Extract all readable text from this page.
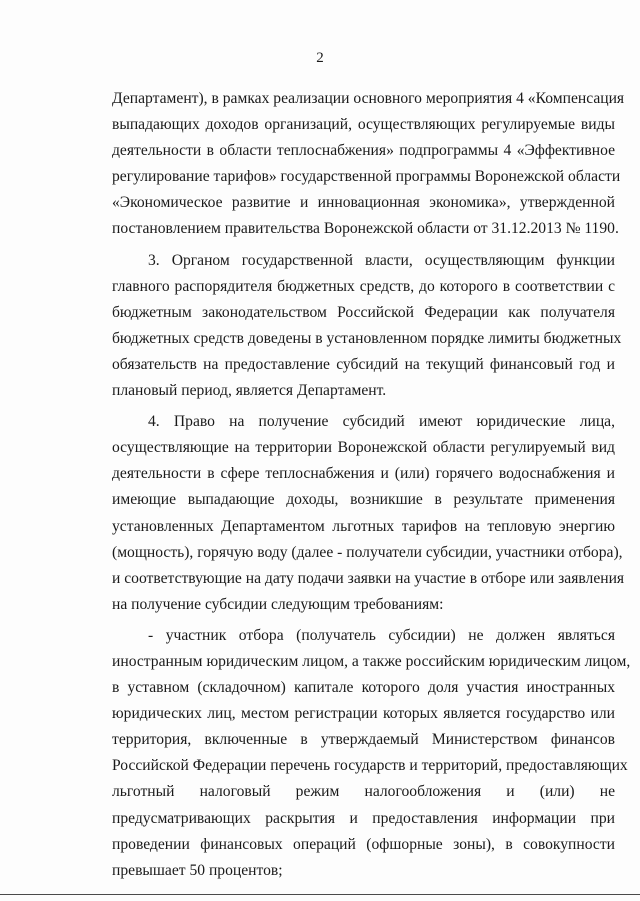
2
Департамент), в рамках реализации основного мероприятия 4 «Компенсация
выпадающих доходов организаций, осуществляющих регулируемые виды
деятельности в области теплоснабжения» подпрограммы 4 «Эффективное
регулирование тарифов» государственной программы Воронежской области
«Экономическое развитие и инновационная экономика», утвержденной
постановлением правительства Воронежской области от 31.12.2013 № 1190.
3. Органом государственной власти, осуществляющим функции
главного распорядителя бюджетных средств, до которого в соответствии с
бюджетным законодательством Российской Федерации как получателя
бюджетных средств доведены в установленном порядке лимиты бюджетных
обязательств на предоставление субсидий на текущий финансовый год и
плановый период, является Департамент.
4. Право на получение субсидий имеют юридические лица,
осуществляющие на территории Воронежской области регулируемый вид
деятельности в сфере теплоснабжения и (или) горячего водоснабжения и
имеющие выпадающие доходы, возникшие в результате применения
установленных Департаментом льготных тарифов на тепловую энергию
(мощность), горячую воду (далее - получатели субсидии, участники отбора),
и соответствующие на дату подачи заявки на участие в отборе или заявления
на получение субсидии следующим требованиям:
- участник отбора (получатель субсидии) не должен являться
иностранным юридическим лицом, а также российским юридическим лицом,
в уставном (складочном) капитале которого доля участия иностранных
юридических лиц, местом регистрации которых является государство или
территория, включенные в утверждаемый Министерством финансов
Российской Федерации перечень государств и территорий, предоставляющих
льготный налоговый режим налогообложения и (или) не
предусматривающих раскрытия и предоставления информации при
проведении финансовых операций (офшорные зоны), в совокупности
превышает 50 процентов;
